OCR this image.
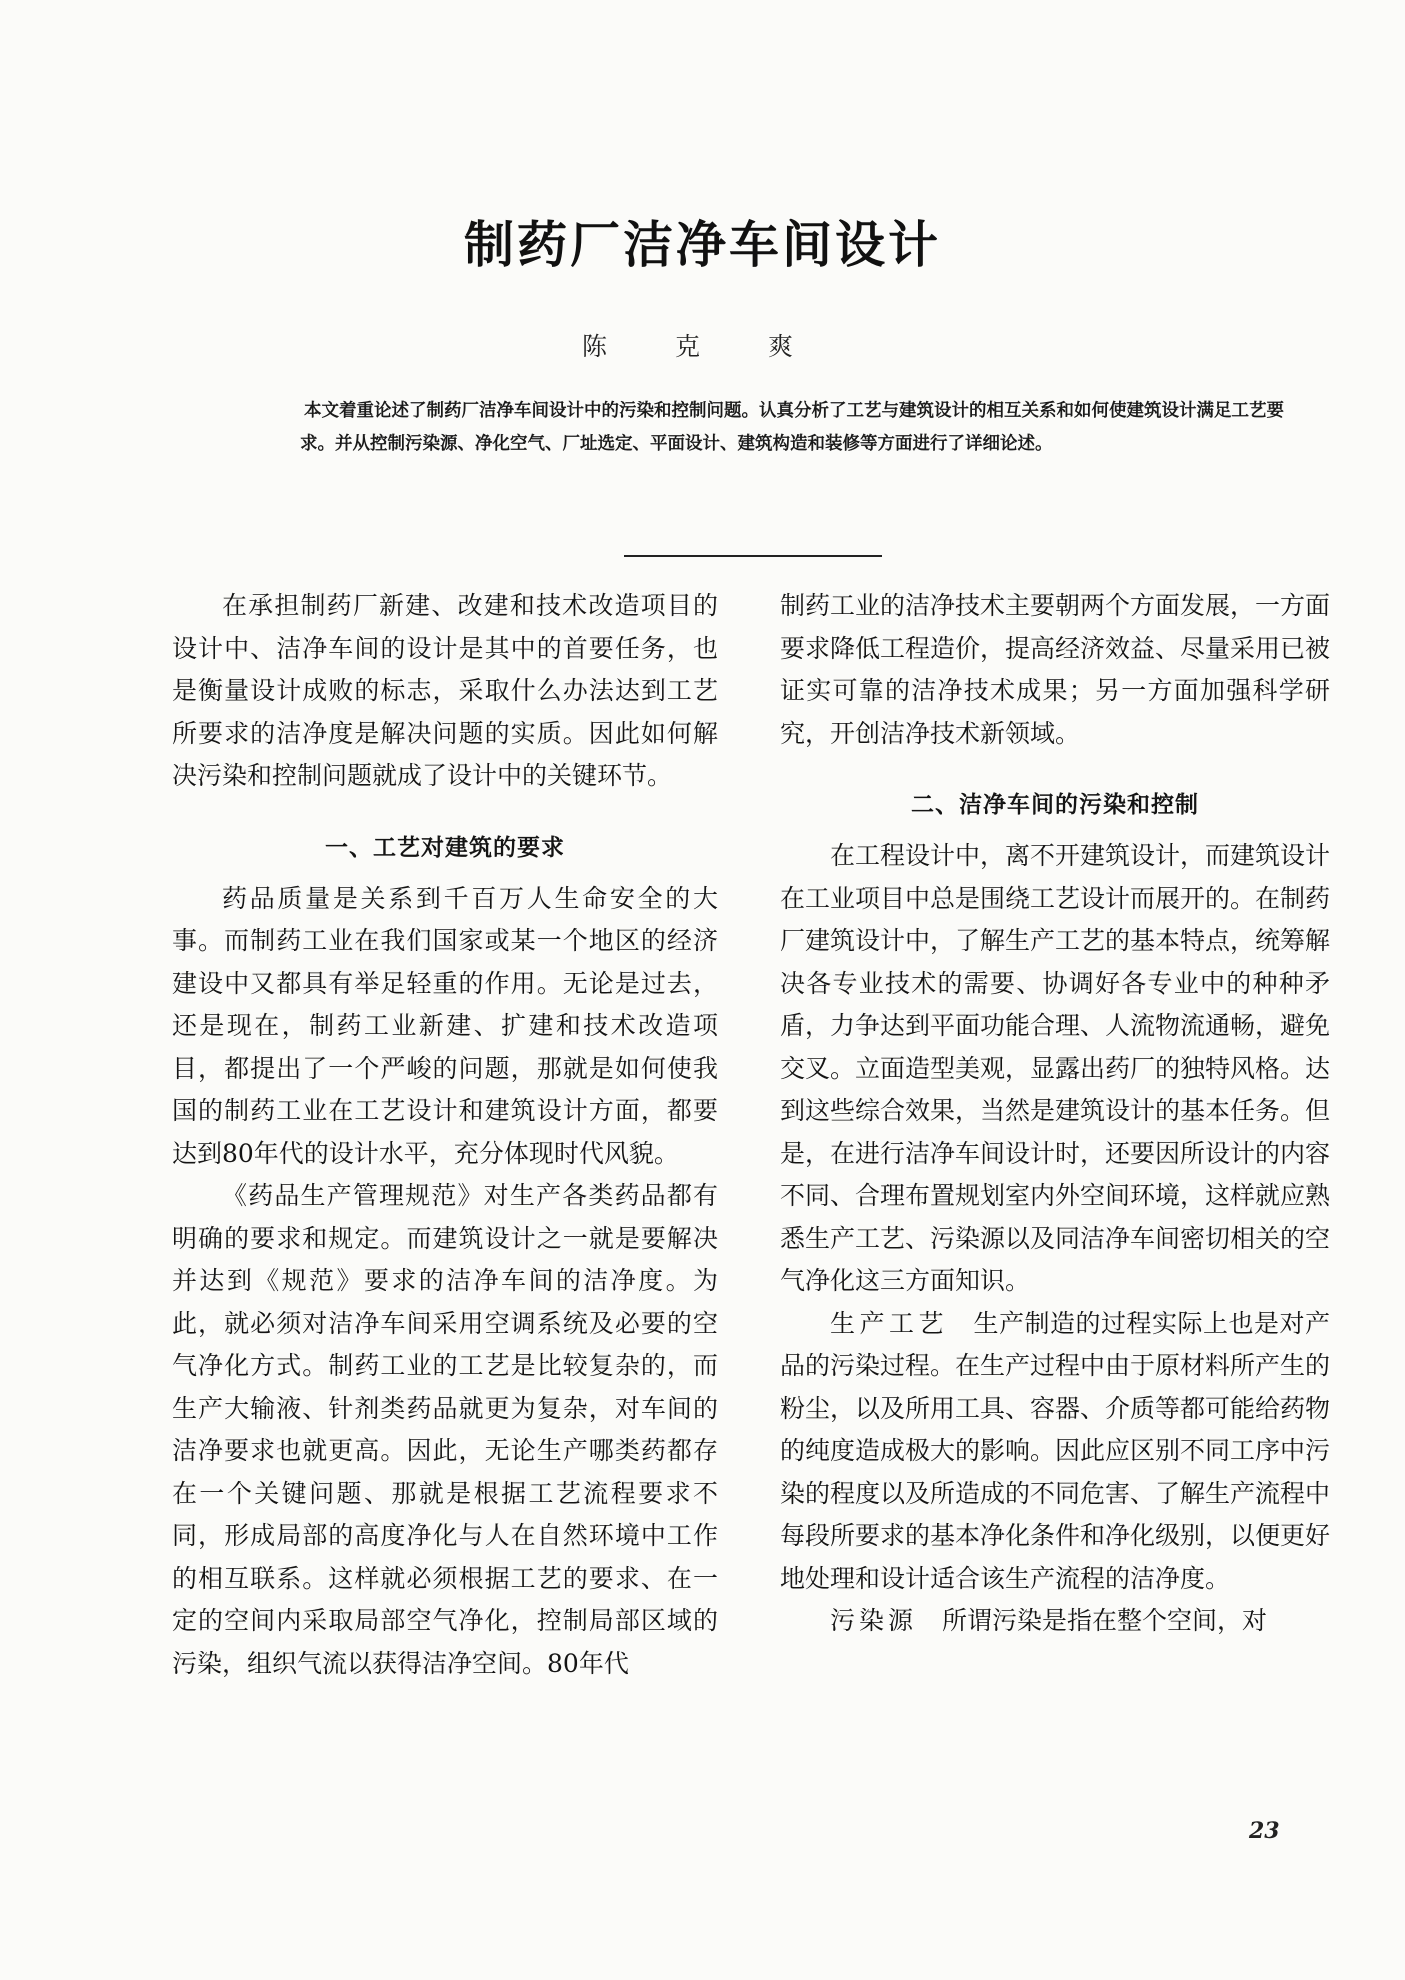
制药厂洁净车间设计
陈 克 爽
本文着重论述了制药厂洁净车间设计中的污染和控制问题。认真分析了工艺与建筑设计的相互关系和如何使建筑设计满足工艺要求。并从控制污染源、净化空气、厂址选定、平面设计、建筑构造和装修等方面进行了详细论述。

在承担制药厂新建、改建和技术改造项目的设计中、洁净车间的设计是其中的首要任务，也是衡量设计成败的标志，采取什么办法达到工艺所要求的洁净度是解决问题的实质。因此如何解决污染和控制问题就成了设计中的关键环节。

一、工艺对建筑的要求

药品质量是关系到千百万人生命安全的大事。而制药工业在我们国家或某一个地区的经济建设中又都具有举足轻重的作用。无论是过去，还是现在，制药工业新建、扩建和技术改造项目，都提出了一个严峻的问题，那就是如何使我国的制药工业在工艺设计和建筑设计方面，都要达到80年代的设计水平，充分体现时代风貌。

《药品生产管理规范》对生产各类药品都有明确的要求和规定。而建筑设计之一就是要解决并达到《规范》要求的洁净车间的洁净度。为此，就必须对洁净车间采用空调系统及必要的空气净化方式。制药工业的工艺是比较复杂的，而生产大输液、针剂类药品就更为复杂，对车间的洁净要求也就更高。因此，无论生产哪类药都存在一个关键问题、那就是根据工艺流程要求不同，形成局部的高度净化与人在自然环境中工作的相互联系。这样就必须根据工艺的要求、在一定的空间内采取局部空气净化，控制局部区域的污染，组织气流以获得洁净空间。80年代

制药工业的洁净技术主要朝两个方面发展，一方面要求降低工程造价，提高经济效益、尽量采用已被证实可靠的洁净技术成果；另一方面加强科学研究，开创洁净技术新领域。

二、洁净车间的污染和控制

在工程设计中，离不开建筑设计，而建筑设计在工业项目中总是围绕工艺设计而展开的。在制药厂建筑设计中，了解生产工艺的基本特点，统筹解决各专业技术的需要、协调好各专业中的种种矛盾，力争达到平面功能合理、人流物流通畅，避免交叉。立面造型美观，显露出药厂的独特风格。达到这些综合效果，当然是建筑设计的基本任务。但是，在进行洁净车间设计时，还要因所设计的内容不同、合理布置规划室内外空间环境，这样就应熟悉生产工艺、污染源以及同洁净车间密切相关的空气净化这三方面知识。

生产工艺　 生产制造的过程实际上也是对产品的污染过程。在生产过程中由于原材料所产生的粉尘，以及所用工具、容器、介质等都可能给药物的纯度造成极大的影响。因此应区别不同工序中污染的程度以及所造成的不同危害、了解生产流程中每段所要求的基本净化条件和净化级别，以便更好地处理和设计适合该生产流程的洁净度。

污染源　 所谓污染是指在整个空间，对

23
